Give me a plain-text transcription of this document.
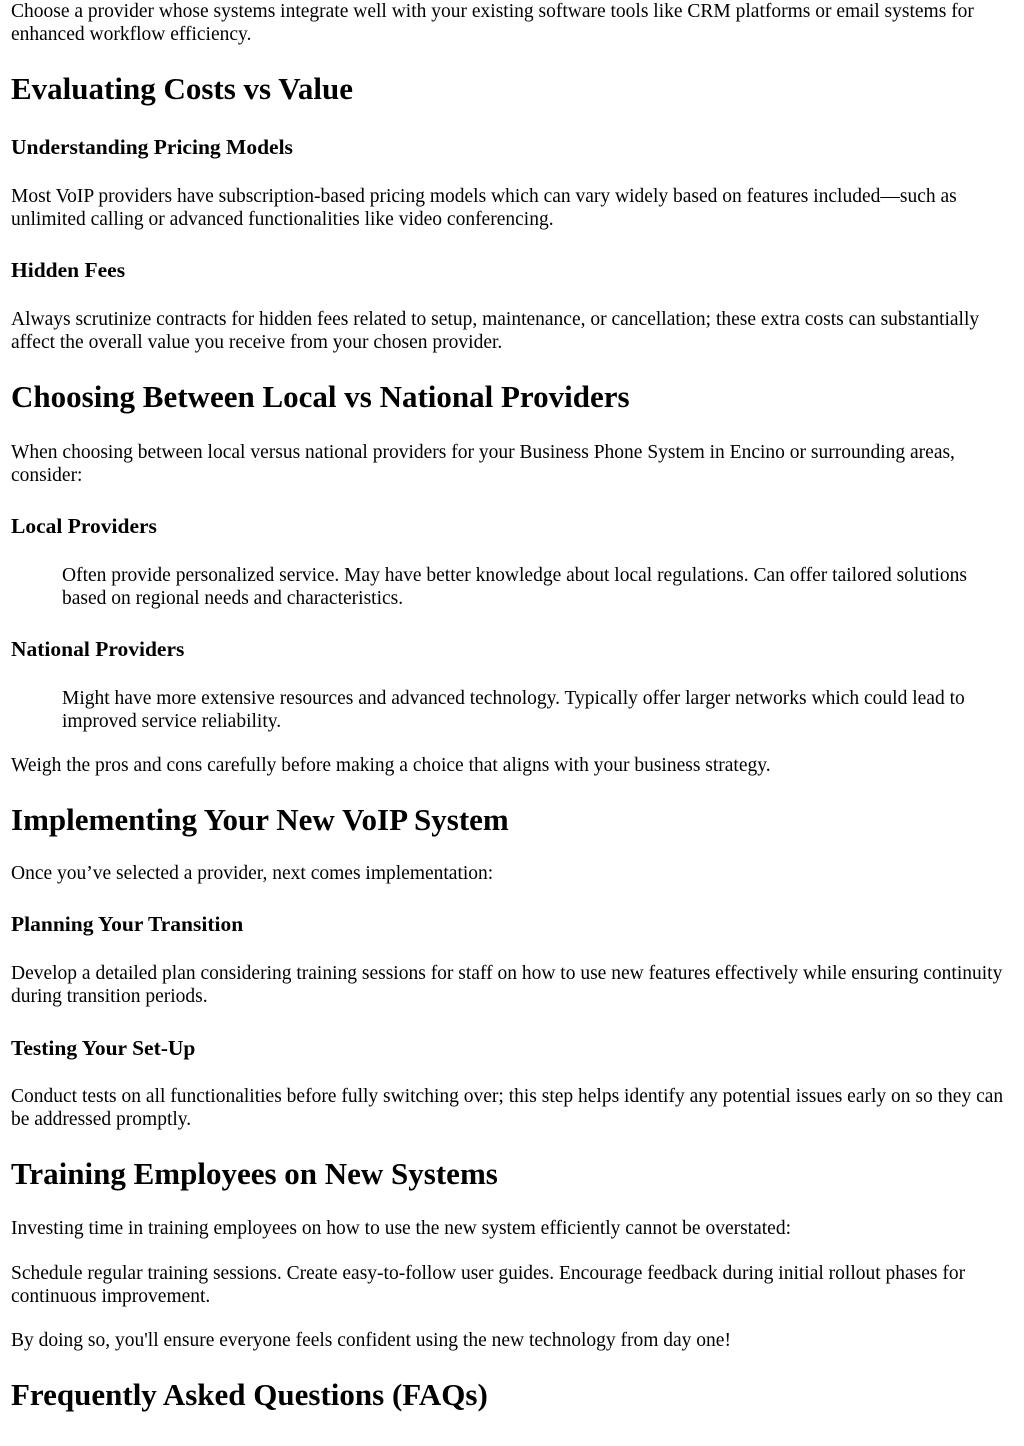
Choose a provider whose systems integrate well with your existing software tools like CRM platforms or email systems for enhanced workflow efficiency.

Evaluating Costs vs Value
Understanding Pricing Models

Most VoIP providers have subscription-based pricing models which can vary widely based on features included—such as unlimited calling or advanced functionalities like video conferencing.

Hidden Fees

Always scrutinize contracts for hidden fees related to setup, maintenance, or cancellation; these extra costs can substantially affect the overall value you receive from your chosen provider.

Choosing Between Local vs National Providers

When choosing between local versus national providers for your Business Phone System in Encino or surrounding areas, consider:

Local Providers
Often provide personalized service. May have better knowledge about local regulations. Can offer tailored solutions based on regional needs and characteristics.
National Providers
Might have more extensive resources and advanced technology. Typically offer larger networks which could lead to improved service reliability.

Weigh the pros and cons carefully before making a choice that aligns with your business strategy.

Implementing Your New VoIP System

Once you’ve selected a provider, next comes implementation:

Planning Your Transition

Develop a detailed plan considering training sessions for staff on how to use new features effectively while ensuring continuity during transition periods.

Testing Your Set-Up

Conduct tests on all functionalities before fully switching over; this step helps identify any potential issues early on so they can be addressed promptly.

Training Employees on New Systems

Investing time in training employees on how to use the new system efficiently cannot be overstated:

Schedule regular training sessions. Create easy-to-follow user guides. Encourage feedback during initial rollout phases for continuous improvement.

By doing so, you'll ensure everyone feels confident using the new technology from day one!

Frequently Asked Questions (FAQs)
